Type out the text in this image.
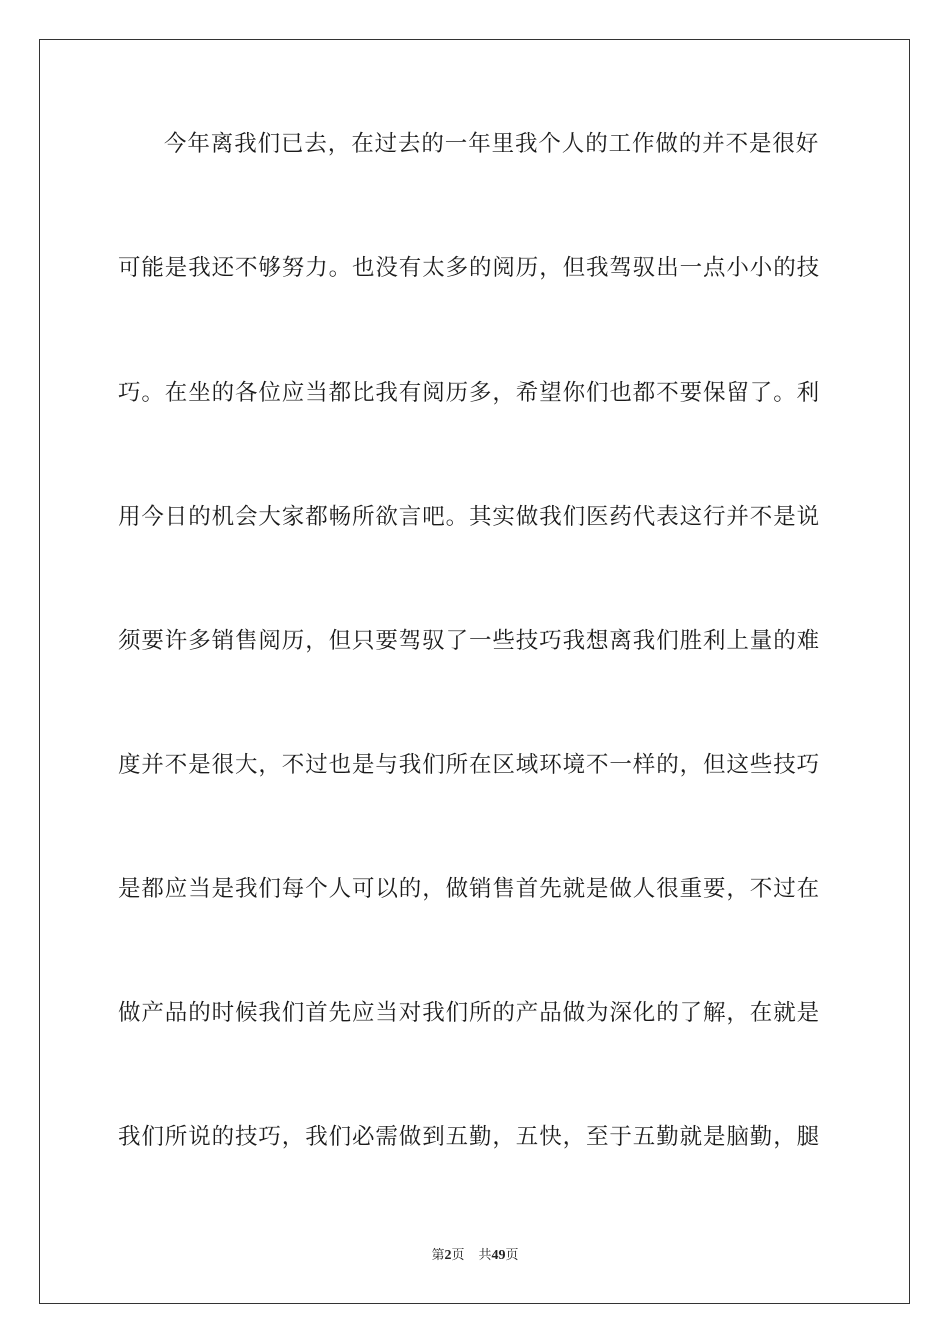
今年离我们已去，在过去的一年里我个人的工作做的并不是很好
可能是我还不够努力。也没有太多的阅历，但我驾驭出一点小小的技
巧。在坐的各位应当都比我有阅历多，希望你们也都不要保留了。利
用今日的机会大家都畅所欲言吧。其实做我们医药代表这行并不是说
须要许多销售阅历，但只要驾驭了一些技巧我想离我们胜利上量的难
度并不是很大，不过也是与我们所在区域环境不一样的，但这些技巧
是都应当是我们每个人可以的，做销售首先就是做人很重要，不过在
做产品的时候我们首先应当对我们所的产品做为深化的了解，在就是
我们所说的技巧，我们必需做到五勤，五快，至于五勤就是脑勤，腿
第2页 共49页
